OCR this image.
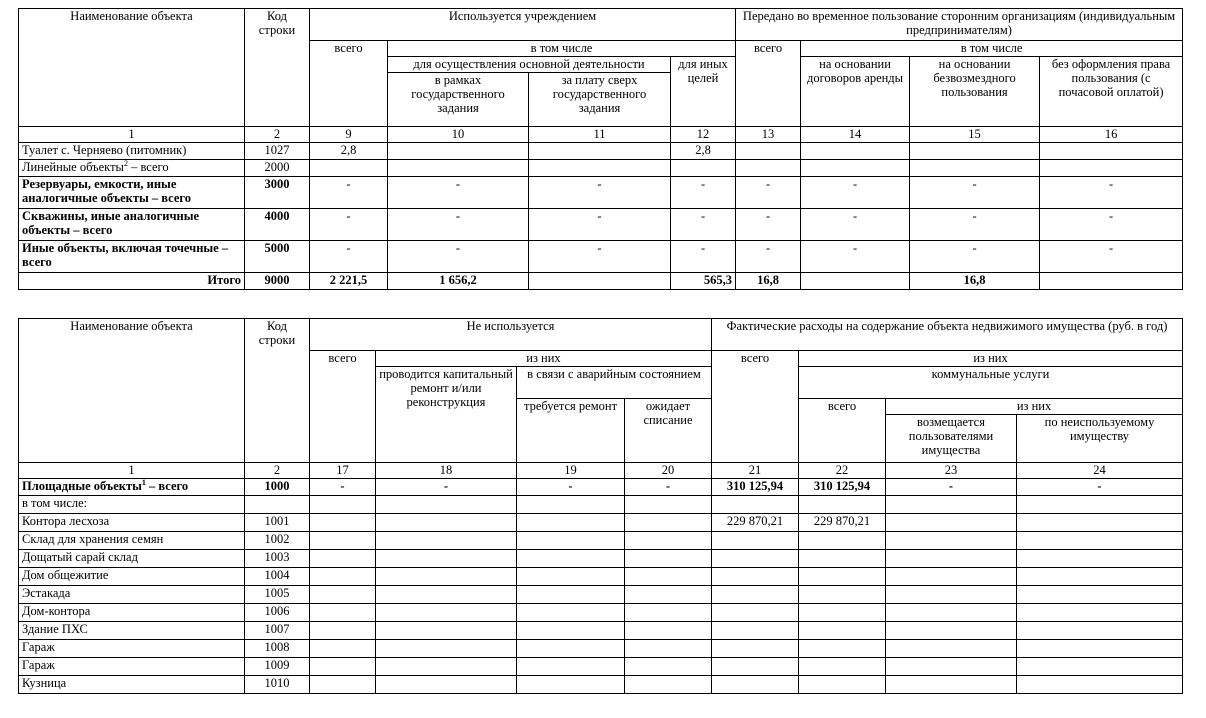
Наименование объекта	Код строки	Используется учреждением				Передано во временное пользование сторонним организациям (индивидуальным предпринимателям)			
		всего	в том числе			всего	в том числе		
			для осуществления основной деятельности		для иных целей		на основании договоров аренды	на основании безвозмездного пользования	без оформления права пользования (с почасовой оплатой)
			в рамках государственного задания	за плату сверх государственного задания					
1	2	9	10	11	12	13	14	15	16
Туалет с. Черняево (питомник)	1027	2,8			2,8				
Линейные объекты$^2$ – всего	2000								
Резервуары, емкости, иные аналогичные объекты – всего	3000	-	-	-	-	-	-	-	-
Скважины, иные аналогичные объекты – всего	4000	-	-	-	-	-	-	-	-
Иные объекты, включая точечные – всего	5000	-	-	-	-	-	-	-	-
Итого	9000	2 221,5	1 656,2		565,3	16,8		16,8	
Наименование объекта	Код строки	Не используется				Фактические расходы на содержание объекта недвижимого имущества (руб. в год)			
		всего	из них			всего	из них		
			проводится капитальный ремонт и/или реконструкция	в связи с аварийным состоянием			коммунальные услуги		
				требуется ремонт	ожидает списание		всего	из них	
								возмещается пользователями имущества	по неиспользуемому имуществу
1	2	17	18	19	20	21	22	23	24
Площадные объекты$^1$ – всего	1000	-	-	-	-	310 125,94	310 125,94	-	-
в том числе:									
Контора лесхоза	1001					229 870,21	229 870,21		
Склад для хранения семян	1002								
Дощатый сарай склад	1003								
Дом общежитие	1004								
Эстакада	1005								
Дом-контора	1006								
Здание ПХС	1007								
Гараж	1008								
Гараж	1009								
Кузница	1010								
